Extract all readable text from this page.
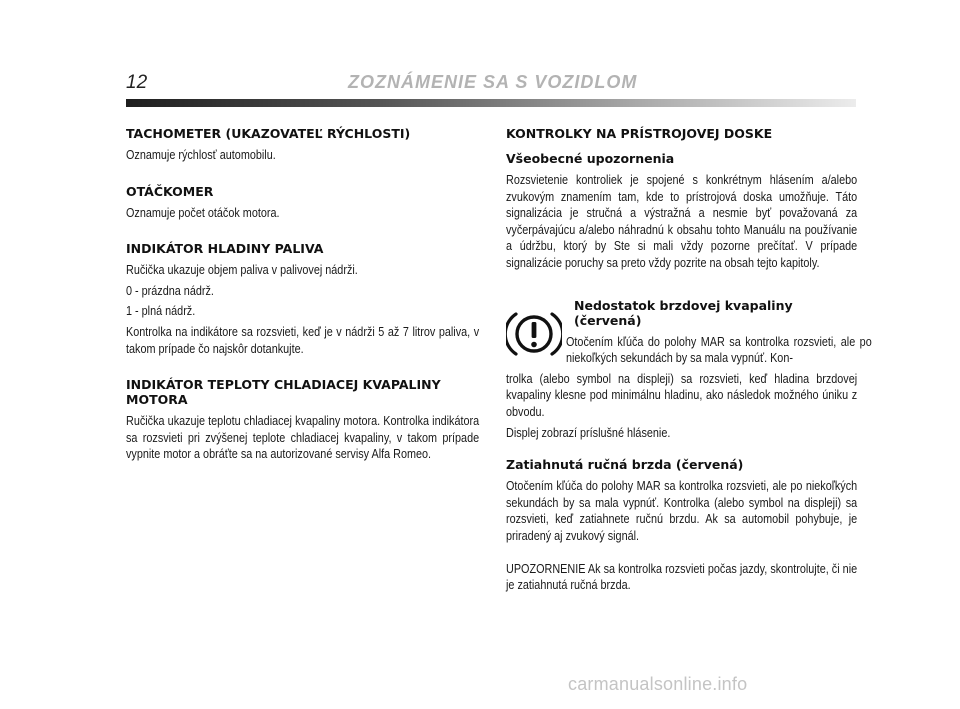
12	ZOZNÁMENIE SA S VOZIDLOM
TACHOMETER (UKAZOVATEĽ RÝCHLOSTI)

Oznamuje rýchlosť automobilu.

OTÁČKOMER

Oznamuje počet otáčok motora.

INDIKÁTOR HLADINY PALIVA

Ručička ukazuje objem paliva v palivovej nádrži.

0 - prázdna nádrž.

1 - plná nádrž.

Kontrolka na indikátore sa rozsvieti, keď je v nádrži 5 až 7 litrov paliva, v takom prípade čo najskôr dotankujte.

INDIKÁTOR TEPLOTY CHLADIACEJ KVAPALINY MOTORA

Ručička ukazuje teplotu chladiacej kvapaliny motora. Kontrolka indikátora sa rozsvieti pri zvýšenej teplote chladiacej kvapaliny, v takom prípade vypnite motor a obráťte sa na autorizované servisy Alfa Romeo.

KONTROLKY NA PRÍSTROJOVEJ DOSKE
Všeobecné upozornenia

Rozsvietenie kontroliek je spojené s konkrétnym hlásením a/alebo zvukovým znamením tam, kde to prístrojová doska umožňuje. Táto signalizácia je stručná a výstražná a nesmie byť považovaná za vyčerpávajúcu a/alebo náhradnú k obsahu tohto Manuálu na používanie a údržbu, ktorý by Ste si mali vždy pozorne prečítať. V prípade signalizácie poruchy sa preto vždy pozrite na obsah tejto kapitoly.

Nedostatok brzdovej kvapaliny (červená)

Otočením kľúča do polohy MAR sa kontrolka rozsvieti, ale po niekoľkých sekundách by sa mala vypnúť. Kon-

trolka (alebo symbol na displeji) sa rozsvieti, keď hladina brzdovej kvapaliny klesne pod minimálnu hladinu, ako následok možného úniku z obvodu.

Displej zobrazí príslušné hlásenie.

Zatiahnutá ručná brzda (červená)

Otočením kľúča do polohy MAR sa kontrolka rozsvieti, ale po niekoľkých sekundách by sa mala vypnúť. Kontrolka (alebo symbol na displeji) sa rozsvieti, keď zatiahnete ručnú brzdu. Ak sa automobil pohybuje, je priradený aj zvukový signál.

UPOZORNENIE Ak sa kontrolka rozsvieti počas jazdy, skontrolujte, či nie je zatiahnutá ručná brzda.

carmanualsonline.info
